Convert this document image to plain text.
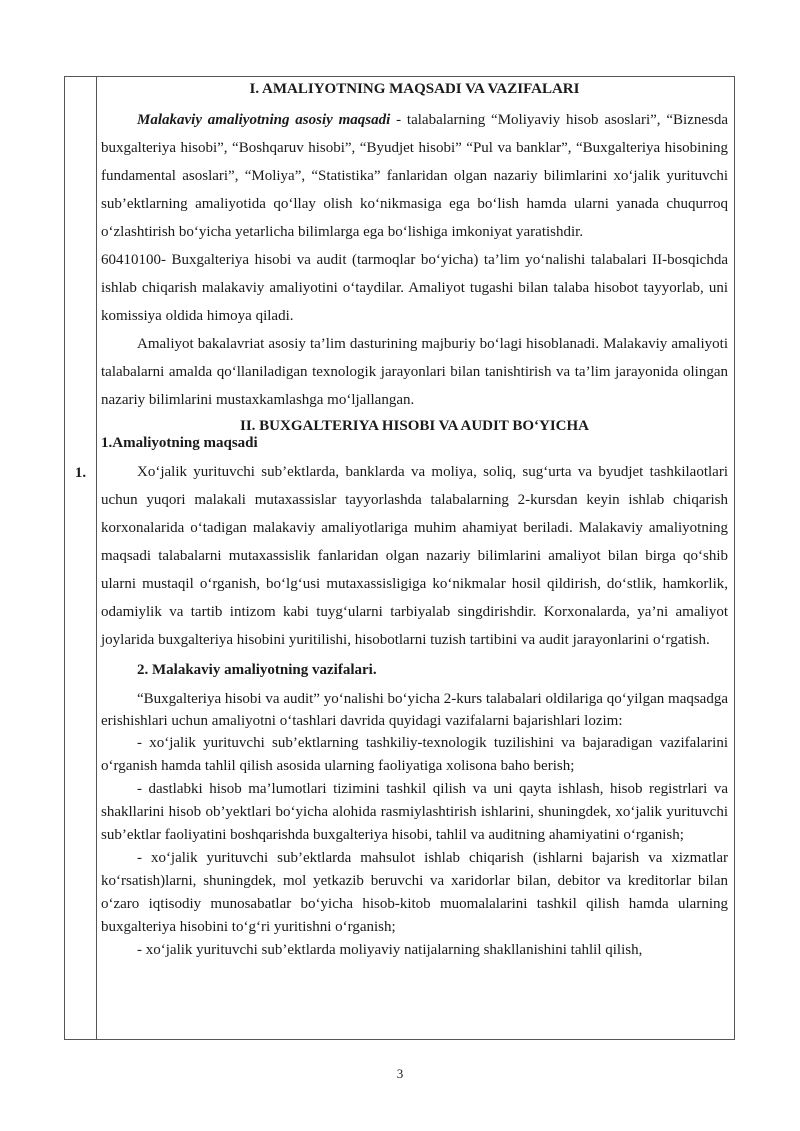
1.
I. AMALIYOTNING MAQSADI VA VAZIFALARI

Malakaviy amaliyotning asosiy maqsadi - talabalarning “Moliyaviy hisob asoslari”, “Biznesda buxgalteriya hisobi”, “Boshqaruv hisobi”, “Byudjet hisobi” “Pul va banklar”, “Buxgalteriya hisobining fundamental asoslari”, “Moliya”, “Statistika” fanlaridan olgan nazariy bilimlarini xo‘jalik yurituvchi sub’ektlarning amaliyotida qo‘llay olish ko‘nikmasiga ega bo‘lish hamda ularni yanada chuqurroq o‘zlashtirish bo‘yicha yetarlicha bilimlarga ega bo‘lishiga imkoniyat yaratishdir.

60410100- Buxgalteriya hisobi va audit (tarmoqlar bo‘yicha) ta’lim yo‘nalishi talabalari II-bosqichda ishlab chiqarish malakaviy amaliyotini o‘taydilar. Amaliyot tugashi bilan talaba hisobot tayyorlab, uni komissiya oldida himoya qiladi.

Amaliyot bakalavriat asosiy ta’lim dasturining majburiy bo‘lagi hisoblanadi. Malakaviy amaliyoti talabalarni amalda qo‘llaniladigan texnologik jarayonlari bilan tanishtirish va ta’lim jarayonida olingan nazariy bilimlarini mustaxkamlashga mo‘ljallangan.

II. BUXGALTERIYA HISOBI VA AUDIT BO‘YICHA
1.Amaliyotning maqsadi

Xo‘jalik yurituvchi sub’ektlarda, banklarda va moliya, soliq, sug‘urta va byudjet tashkilaotlari uchun yuqori malakali mutaxassislar tayyorlashda talabalarning 2-kursdan keyin ishlab chiqarish korxonalarida o‘tadigan malakaviy amaliyotlariga muhim ahamiyat beriladi. Malakaviy amaliyotning maqsadi talabalarni mutaxassislik fanlaridan olgan nazariy bilimlarini amaliyot bilan birga qo‘shib ularni mustaqil o‘rganish, bo‘lg‘usi mutaxassisligiga ko‘nikmalar hosil qildirish, do‘stlik, hamkorlik, odamiylik va tartib intizom kabi tuyg‘ularni tarbiyalab singdirishdir. Korxonalarda, ya’ni amaliyot joylarida buxgalteriya hisobini yuritilishi, hisobotlarni tuzish tartibini va audit jarayonlarini o‘rgatish.

2. Malakaviy amaliyotning vazifalari.

“Buxgalteriya hisobi va audit” yo‘nalishi bo‘yicha 2-kurs talabalari oldilariga qo‘yilgan maqsadga erishishlari uchun amaliyotni o‘tashlari davrida quyidagi vazifalarni bajarishlari lozim:

- xo‘jalik yurituvchi sub’ektlarning tashkiliy-texnologik tuzilishini va bajaradigan vazifalarini o‘rganish hamda tahlil qilish asosida ularning faoliyatiga xolisona baho berish;

- dastlabki hisob ma’lumotlari tizimini tashkil qilish va uni qayta ishlash, hisob registrlari va shakllarini hisob ob’yektlari bo‘yicha alohida rasmiylashtirish ishlarini, shuningdek, xo‘jalik yurituvchi sub’ektlar faoliyatini boshqarishda buxgalteriya hisobi, tahlil va auditning ahamiyatini o‘rganish;

- xo‘jalik yurituvchi sub’ektlarda mahsulot ishlab chiqarish (ishlarni bajarish va xizmatlar ko‘rsatish)larni, shuningdek, mol yetkazib beruvchi va xaridorlar bilan, debitor va kreditorlar bilan o‘zaro iqtisodiy munosabatlar bo‘yicha hisob-kitob muomalalarini tashkil qilish hamda ularning buxgalteriya hisobini to‘g‘ri yuritishni o‘rganish;

- xo‘jalik yurituvchi sub’ektlarda moliyaviy natijalarning shakllanishini tahlil qilish,

3
